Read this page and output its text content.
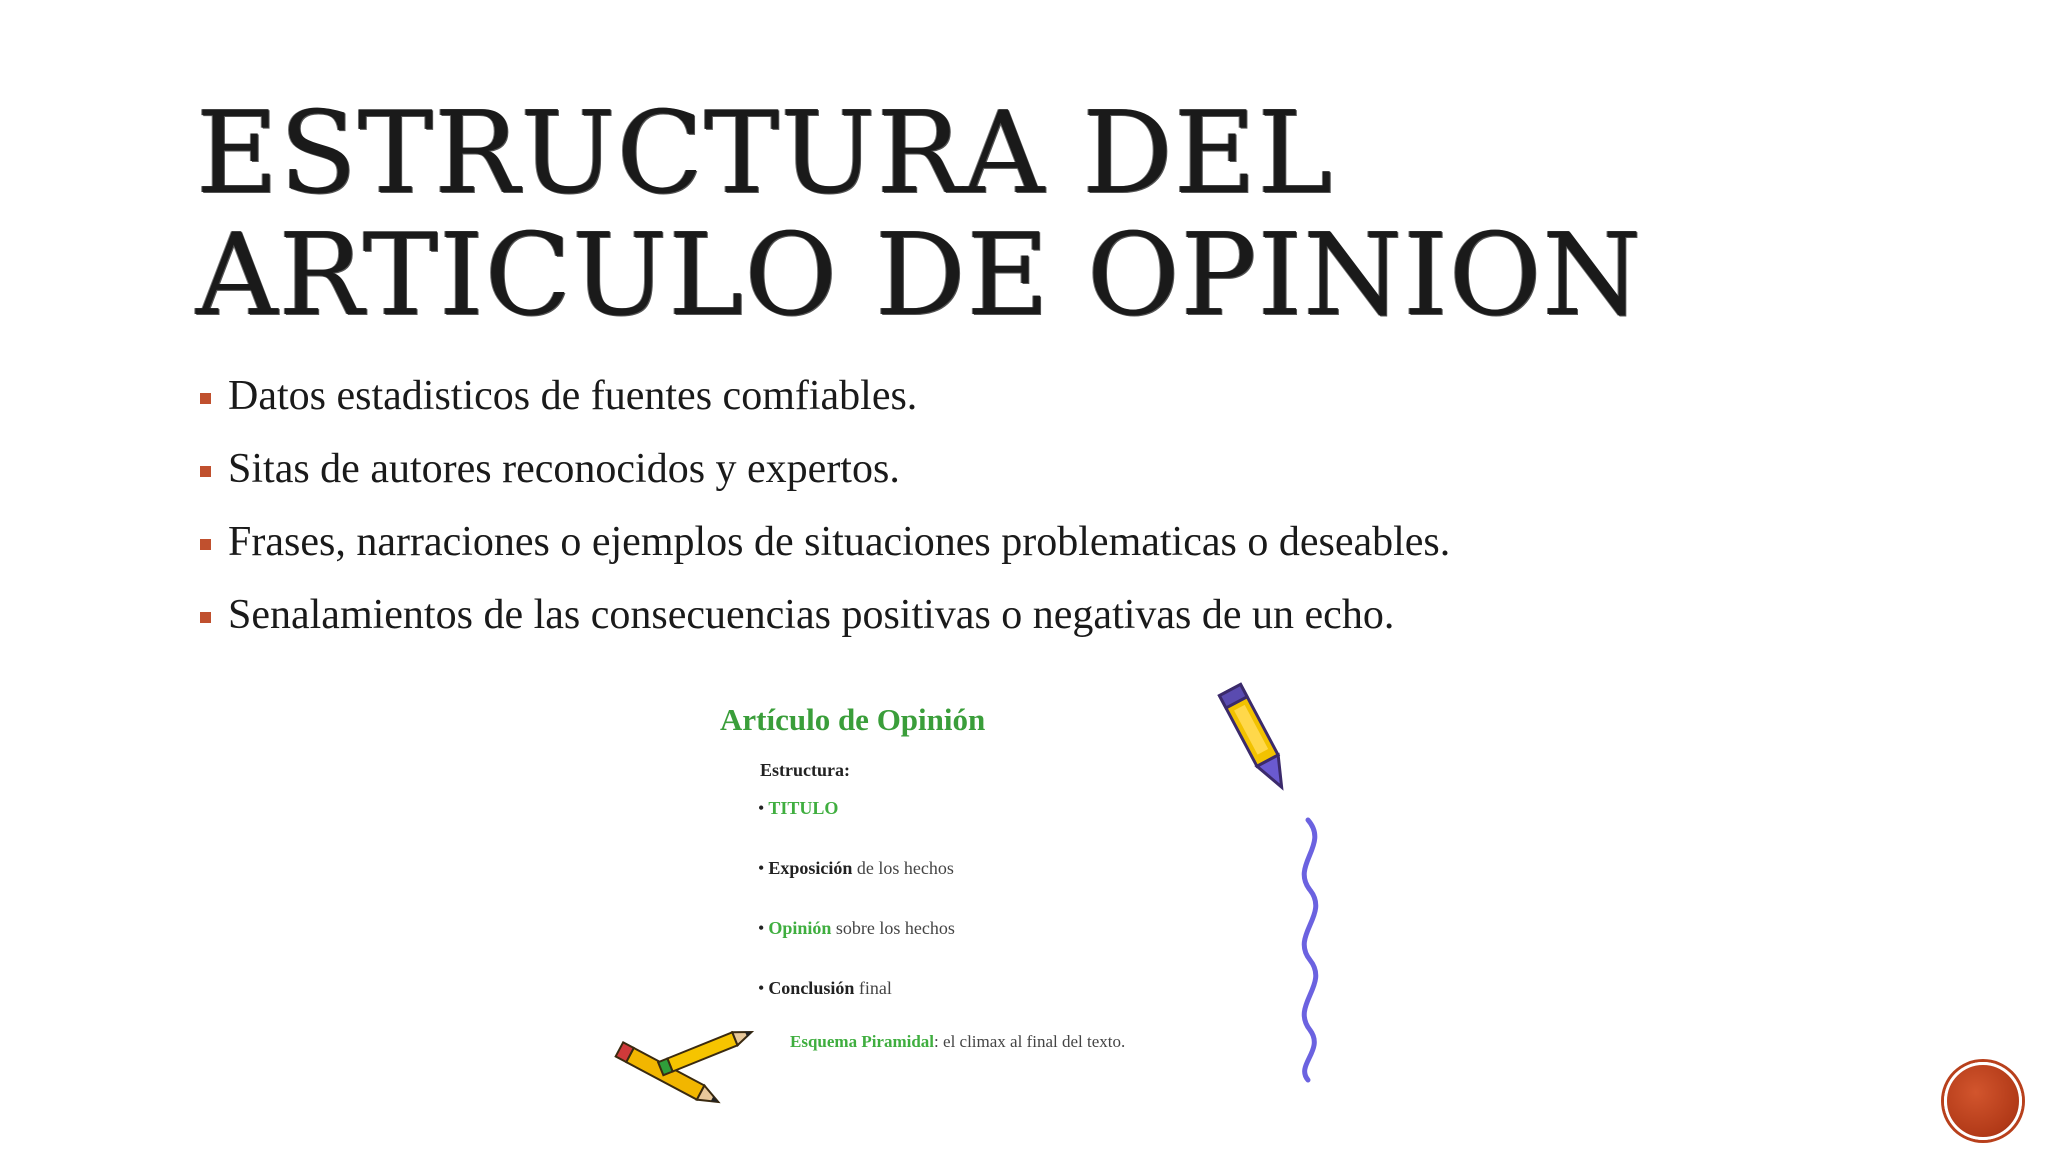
ESTRUCTURA DEL
ARTICULO DE OPINION
Datos estadisticos de fuentes comfiables.
Sitas de autores reconocidos y expertos.
Frases, narraciones o ejemplos de situaciones problematicas o deseables.
Senalamientos de las consecuencias positivas o negativas de un echo.
Artículo de Opinión
Estructura:
• TITULO
• Exposición de los hechos
• Opinión sobre los hechos
• Conclusión final
Esquema Piramidal: el climax al final del texto.
